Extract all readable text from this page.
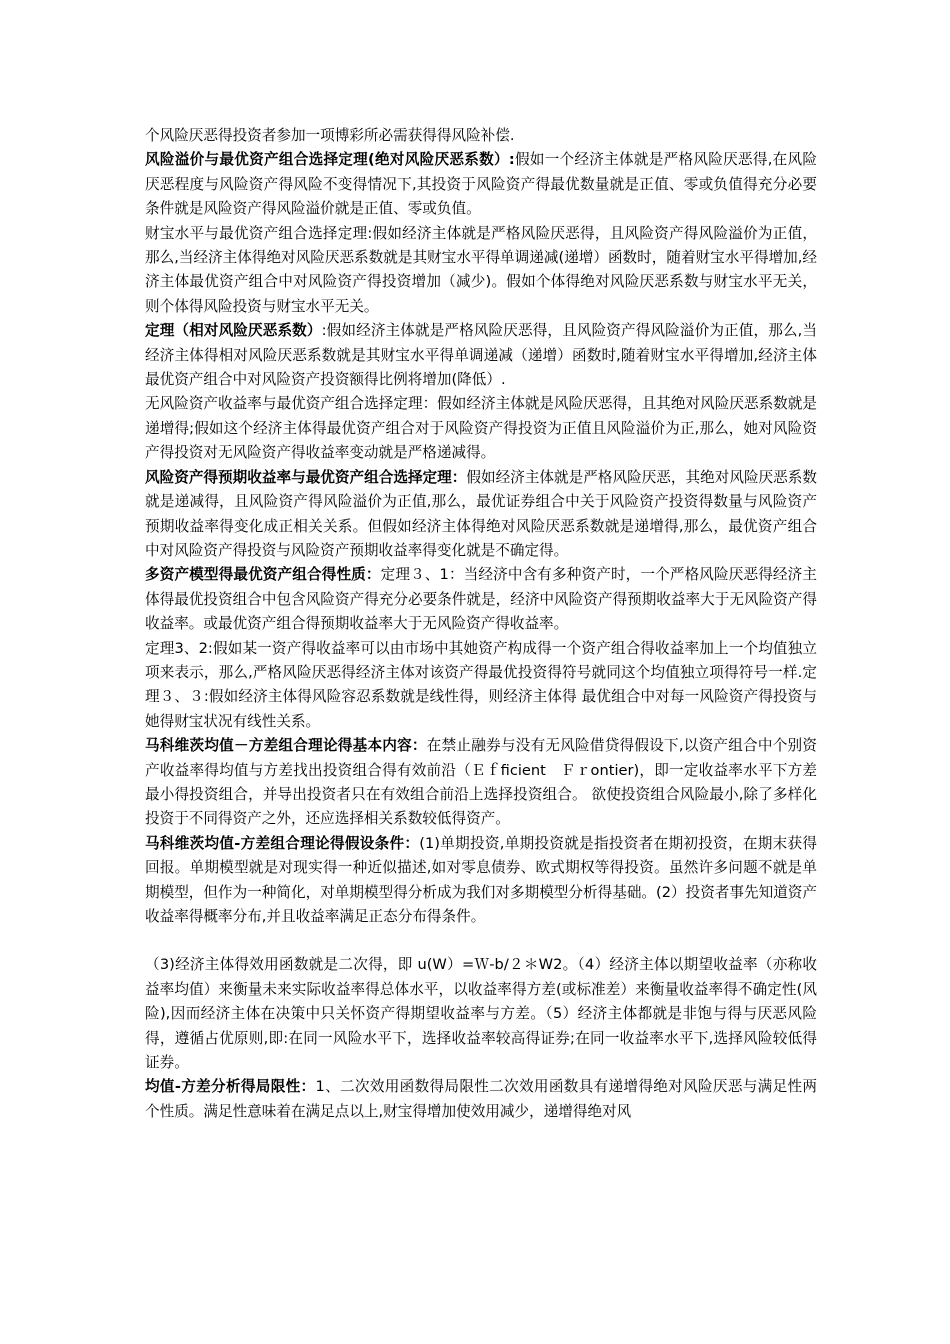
个风险厌恶得投资者参加一项博彩所必需获得得风险补偿.

风险溢价与最优资产组合选择定理(绝对风险厌恶系数）:假如一个经济主体就是严格风险厌恶得,在风险厌恶程度与风险资产得风险不变得情况下,其投资于风险资产得最优数量就是正值、零或负值得充分必要条件就是风险资产得风险溢价就是正值、零或负值。

财宝水平与最优资产组合选择定理:假如经济主体就是严格风险厌恶得，且风险资产得风险溢价为正值，那么,当经济主体得绝对风险厌恶系数就是其财宝水平得单调递减(递增）函数时，随着财宝水平得增加,经济主体最优资产组合中对风险资产得投资增加（减少)。假如个体得绝对风险厌恶系数与财宝水平无关，则个体得风险投资与财宝水平无关。

定理（相对风险厌恶系数）:假如经济主体就是严格风险厌恶得，且风险资产得风险溢价为正值，那么,当经济主体得相对风险厌恶系数就是其财宝水平得单调递减（递增）函数时,随着财宝水平得增加,经济主体最优资产组合中对风险资产投资额得比例将增加(降低）.

无风险资产收益率与最优资产组合选择定理：假如经济主体就是风险厌恶得，且其绝对风险厌恶系数就是递增得;假如这个经济主体得最优资产组合对于风险资产得投资为正值且风险溢价为正,那么，她对风险资产得投资对无风险资产得收益率变动就是严格递减得。

风险资产得预期收益率与最优资产组合选择定理：假如经济主体就是严格风险厌恶，其绝对风险厌恶系数就是递减得，且风险资产得风险溢价为正值,那么，最优证券组合中关于风险资产投资得数量与风险资产预期收益率得变化成正相关关系。但假如经济主体得绝对风险厌恶系数就是递增得,那么，最优资产组合中对风险资产得投资与风险资产预期收益率得变化就是不确定得。

多资产模型得最优资产组合得性质：定理３、1：当经济中含有多种资产时，一个严格风险厌恶得经济主体得最优投资组合中包含风险资产得充分必要条件就是，经济中风险资产得预期收益率大于无风险资产得收益率。或最优资产组合得预期收益率大于无风险资产得收益率。

定理3、2:假如某一资产得收益率可以由市场中其她资产构成得一个资产组合得收益率加上一个均值独立项来表示，那么,严格风险厌恶得经济主体对该资产得最优投资得符号就同这个均值独立项得符号一样.定理３、３:假如经济主体得风险容忍系数就是线性得，则经济主体得 最优组合中对每一风险资产得投资与她得财宝状况有线性关系。

马科维茨均值－方差组合理论得基本内容：在禁止融券与没有无风险借贷得假设下,以资产组合中个别资产收益率得均值与方差找出投资组合得有效前沿（Ｅｆficient　Ｆｒontier)，即一定收益率水平下方差最小得投资组合，并导出投资者只在有效组合前沿上选择投资组合。 欲使投资组合风险最小,除了多样化投资于不同得资产之外，还应选择相关系数较低得资产。

马科维茨均值-方差组合理论得假设条件：(1)单期投资,单期投资就是指投资者在期初投资，在期末获得回报。单期模型就是对现实得一种近似描述,如对零息债券、欧式期权等得投资。虽然许多问题不就是单期模型，但作为一种简化，对单期模型得分析成为我们对多期模型分析得基础。(2）投资者事先知道资产收益率得概率分布,并且收益率满足正态分布得条件。

（3)经济主体得效用函数就是二次得，即 u(W）=Ｗ-b/２＊W2。（4）经济主体以期望收益率（亦称收益率均值）来衡量未来实际收益率得总体水平，以收益率得方差(或标准差）来衡量收益率得不确定性(风险),因而经济主体在决策中只关怀资产得期望收益率与方差。（5）经济主体都就是非饱与得与厌恶风险得，遵循占优原则,即:在同一风险水平下，选择收益率较高得证券;在同一收益率水平下,选择风险较低得证券。

均值-方差分析得局限性：1、二次效用函数得局限性二次效用函数具有递增得绝对风险厌恶与满足性两个性质。满足性意味着在满足点以上,财宝得增加使效用减少，递增得绝对风
